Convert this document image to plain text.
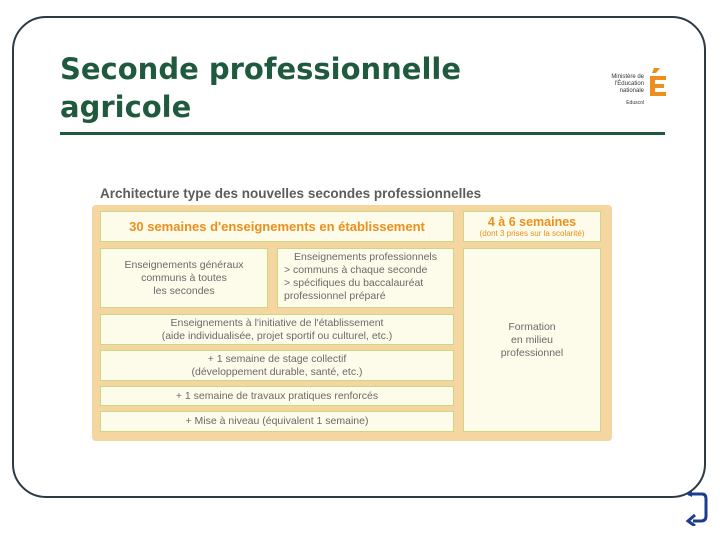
Seconde professionnelle
agricole
Ministère de l'Éducation nationale
Eduscol
Architecture type des nouvelles secondes professionnelles
30 semaines d'enseignements en établissement	4 à 6 semaines
(dont 3 prises sur la scolarité)
Enseignements généraux
communs à toutes
les secondes
Enseignements professionnels
> communs à chaque seconde
> spécifiques du baccalauréat
professionnel préparé
Formation
en milieu
professionnel
Enseignements à l'initiative de l'établissement
(aide individualisée, projet sportif ou culturel, etc.)
+ 1 semaine de stage collectif
(développement durable, santé, etc.)
+ 1 semaine de travaux pratiques renforcés
+ Mise à niveau (équivalent 1 semaine)
